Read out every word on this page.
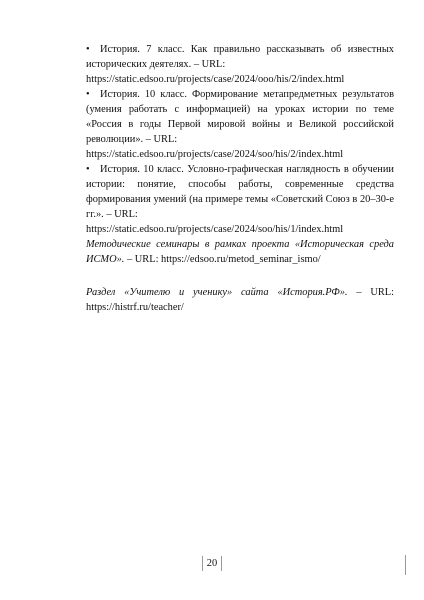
• История. 7 класс. Как правильно рассказывать об известных исторических деятелях. – URL:
https://static.edsoo.ru/projects/case/2024/ooo/his/2/index.html
• История. 10 класс. Формирование метапредметных результатов (умения работать с информацией) на уроках истории по теме «Россия в годы Первой мировой войны и Великой российской революции». – URL:
https://static.edsoo.ru/projects/case/2024/soo/his/2/index.html
• История. 10 класс. Условно-графическая наглядность в обучении истории: понятие, способы работы, современные средства формирования умений (на примере темы «Советский Союз в 20–30-е гг.». – URL:
https://static.edsoo.ru/projects/case/2024/soo/his/1/index.html

Методические семинары в рамках проекта «Историческая среда ИСМО». – URL: https://edsoo.ru/metod_seminar_ismo/

Раздел «Учителю и ученику» сайта «История.РФ». – URL: https://histrf.ru/teacher/

20
